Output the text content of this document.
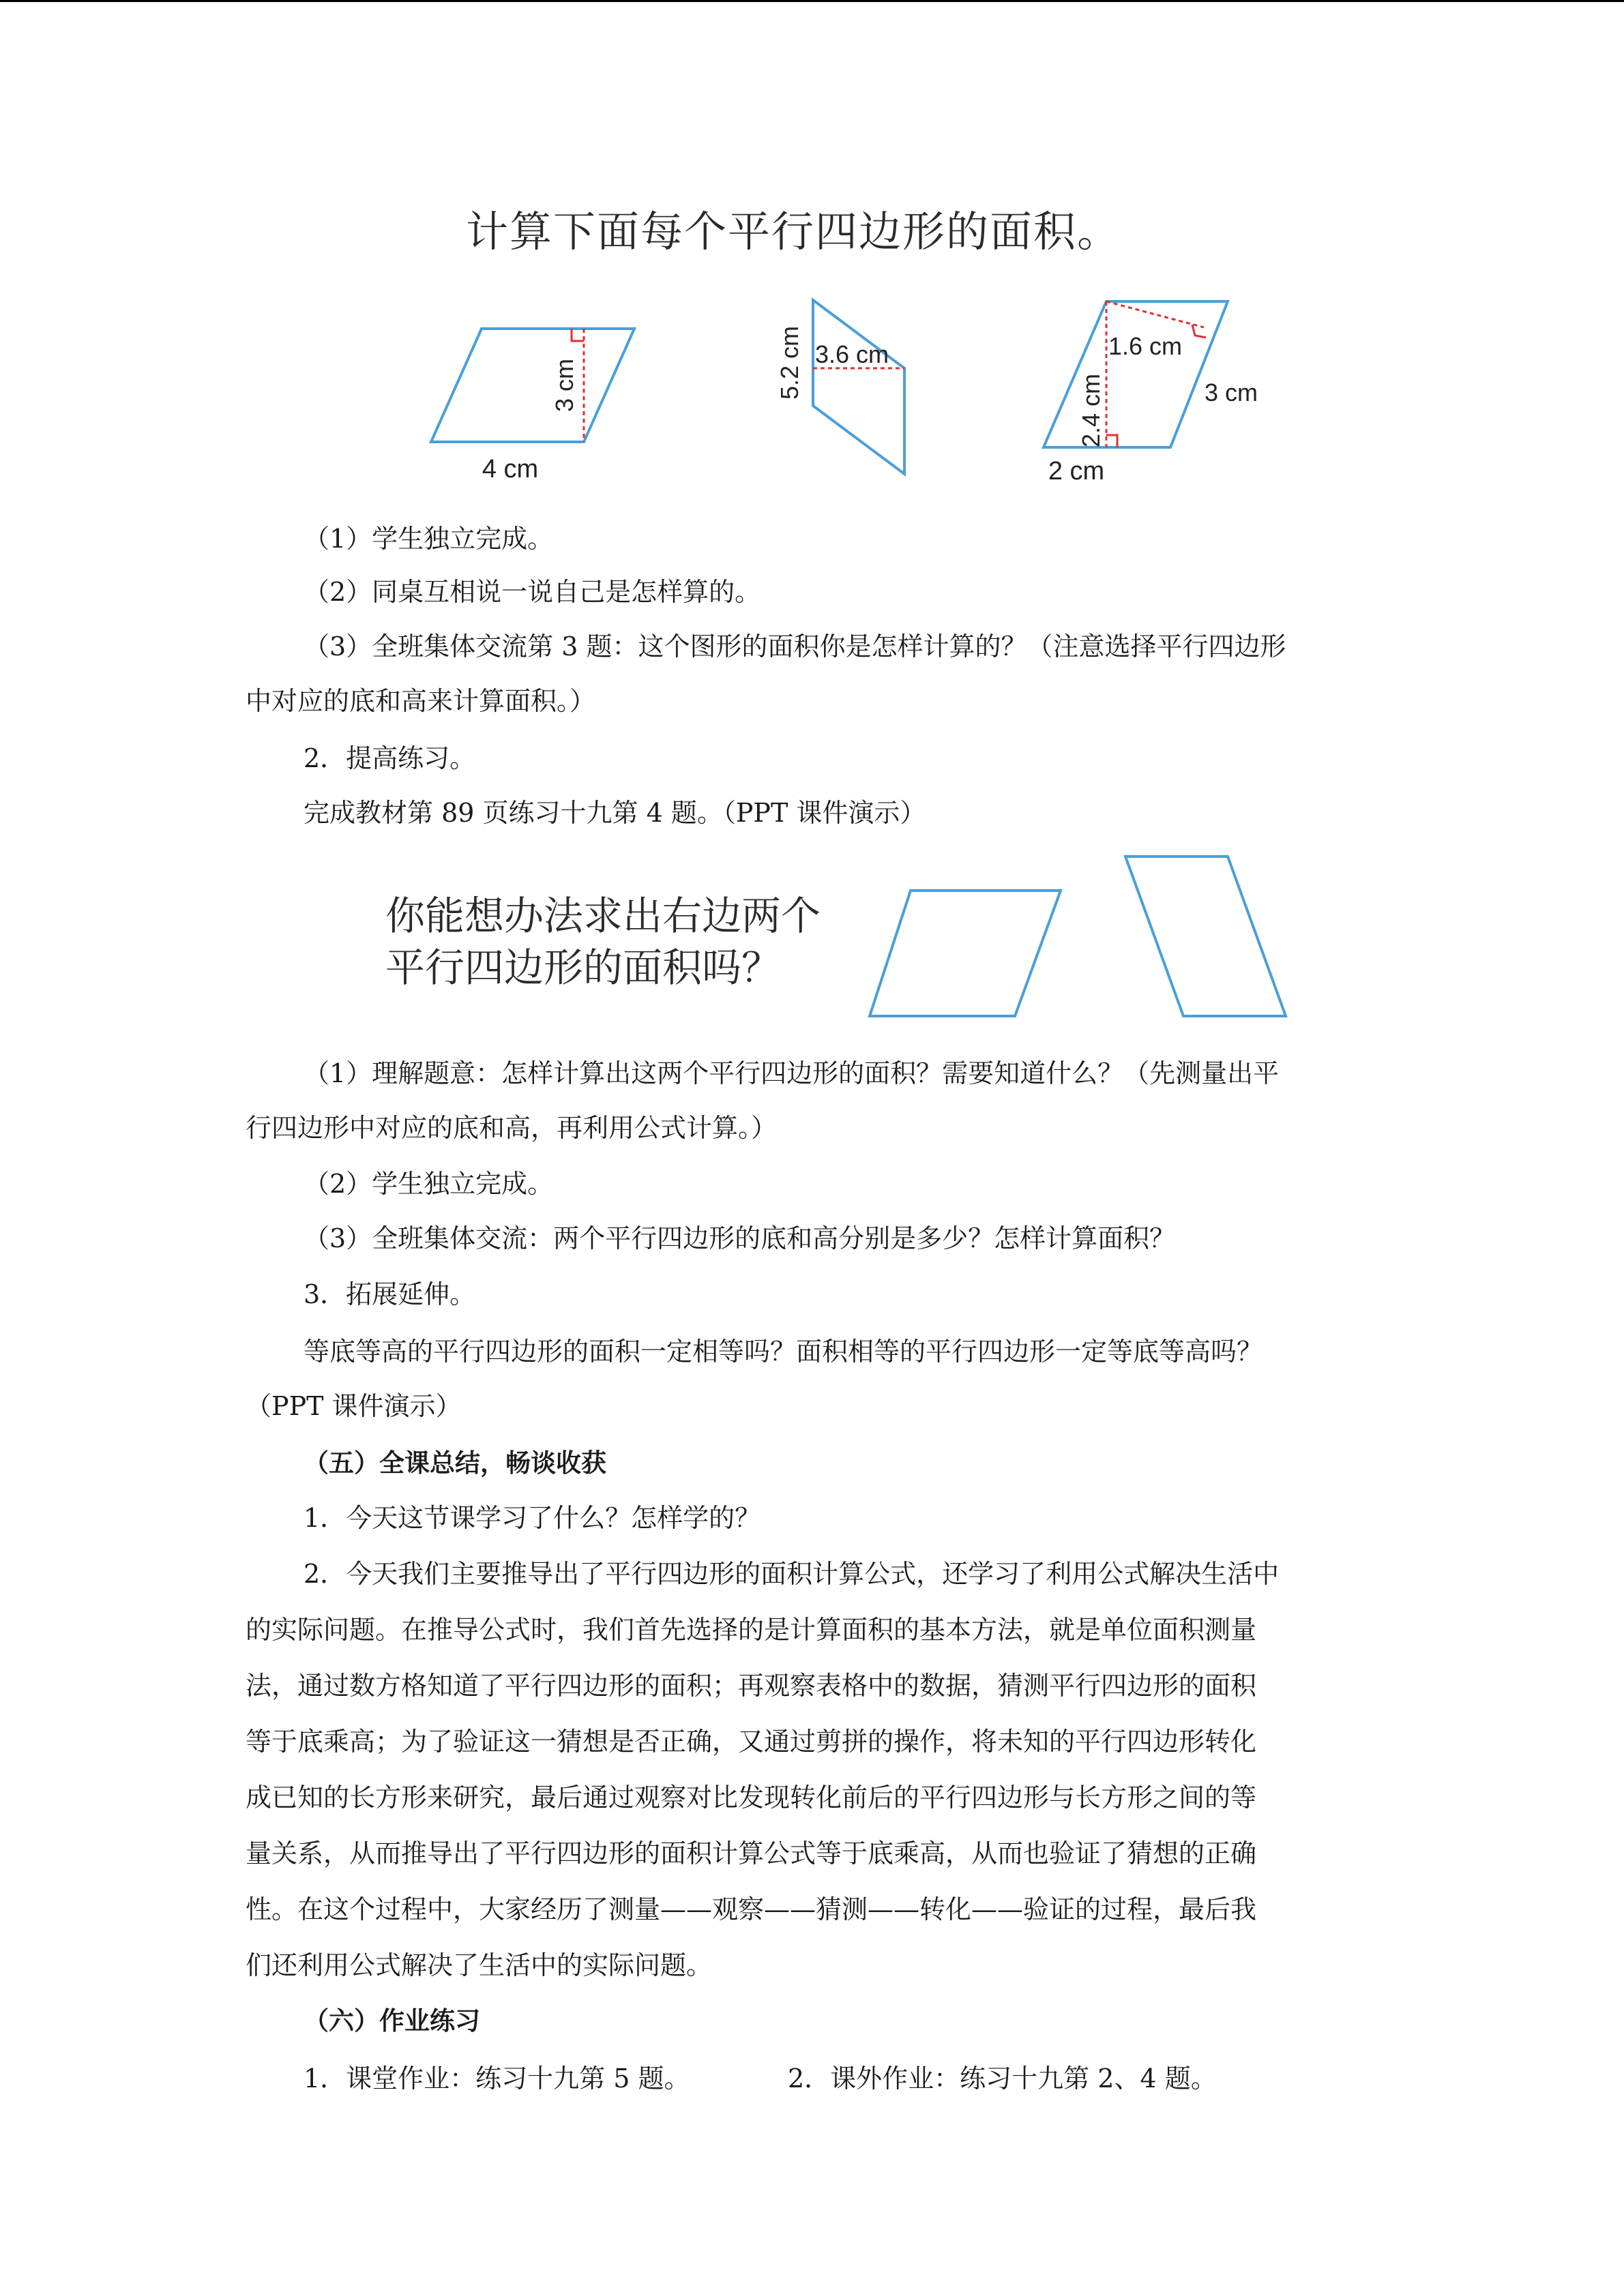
计算下面每个平行四边形的面积。
3 cm
4 cm
5.2 cm 3.6 cm	1.6 cm
3 cm
2.4 cm
2 cm
（1）学生独立完成。
（2）同桌互相说一说自己是怎样算的。
（3）全班集体交流第 3 题：这个图形的面积你是怎样计算的？（注意选择平行四边形
中对应的底和高来计算面积。）
2．提高练习。
完成教材第 89 页练习十九第 4 题。（PPT 课件演示）
你能想办法求出右边两个
平行四边形的面积吗？
（1）理解题意：怎样计算出这两个平行四边形的面积？需要知道什么？（先测量出平
行四边形中对应的底和高，再利用公式计算。）
（2）学生独立完成。
（3）全班集体交流：两个平行四边形的底和高分别是多少？怎样计算面积？
3．拓展延伸。
等底等高的平行四边形的面积一定相等吗？面积相等的平行四边形一定等底等高吗？
（PPT 课件演示）
（五）全课总结，畅谈收获
1．今天这节课学习了什么？怎样学的？
2．今天我们主要推导出了平行四边形的面积计算公式，还学习了利用公式解决生活中
的实际问题。在推导公式时，我们首先选择的是计算面积的基本方法，就是单位面积测量
法，通过数方格知道了平行四边形的面积；再观察表格中的数据，猜测平行四边形的面积
等于底乘高；为了验证这一猜想是否正确，又通过剪拼的操作，将未知的平行四边形转化
成已知的长方形来研究，最后通过观察对比发现转化前后的平行四边形与长方形之间的等
量关系，从而推导出了平行四边形的面积计算公式等于底乘高，从而也验证了猜想的正确
性。在这个过程中，大家经历了测量——观察——猜测——转化——验证的过程，最后我
们还利用公式解决了生活中的实际问题。
（六）作业练习
1．课堂作业：练习十九第 5 题。	2．课外作业：练习十九第 2、4 题。
